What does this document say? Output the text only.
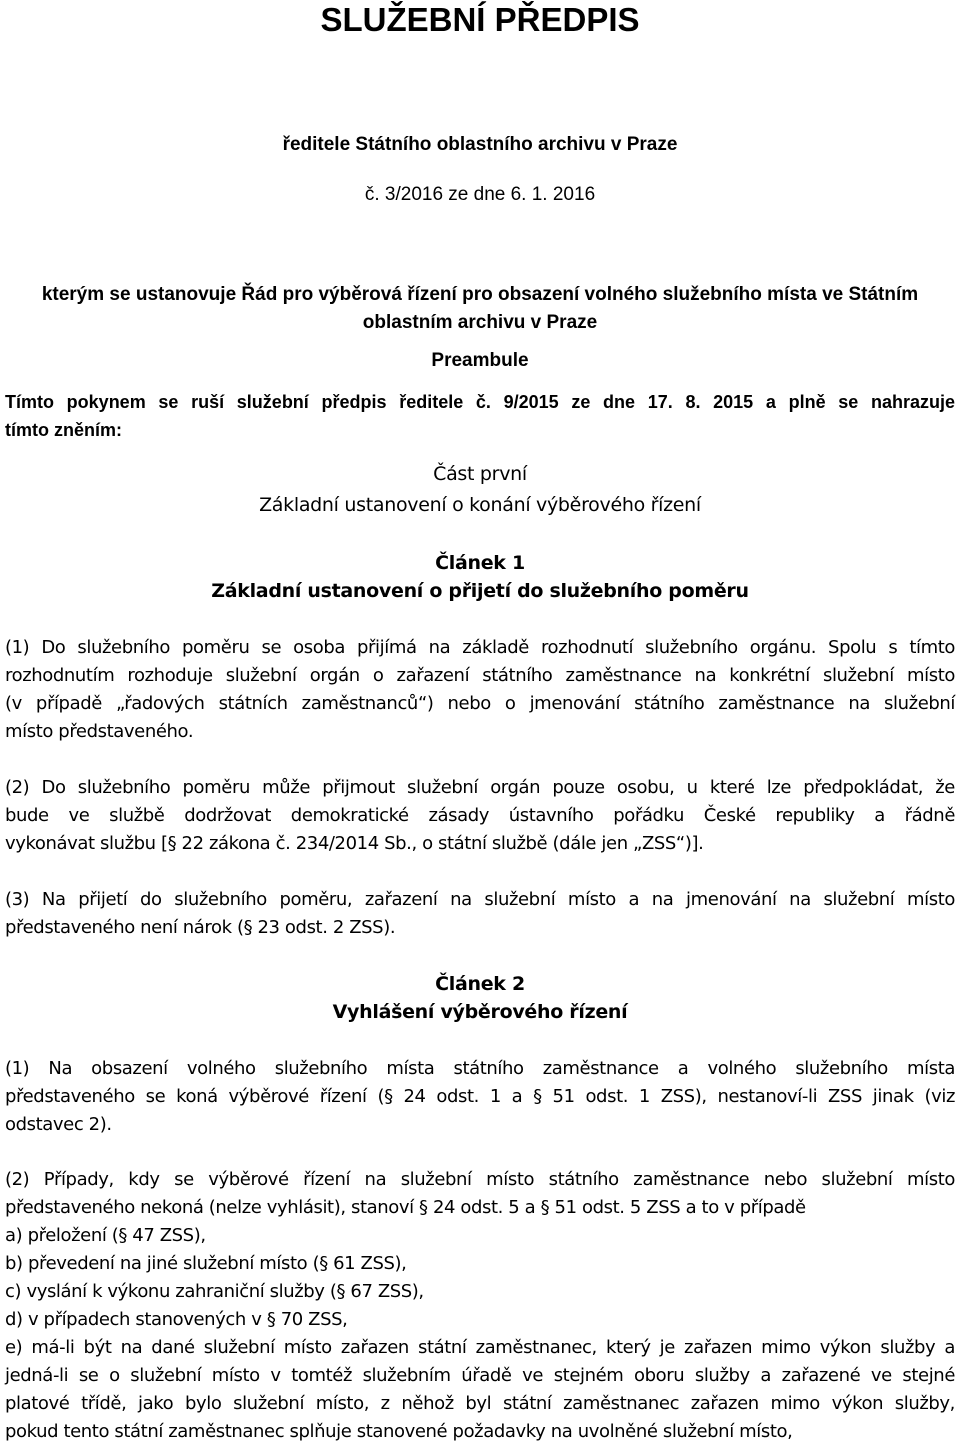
SLUŽEBNÍ PŘEDPIS

ředitele Státního oblastního archivu v Praze

č. 3/2016 ze dne 6. 1. 2016

kterým se ustanovuje Řád pro výběrová řízení pro obsazení volného služebního místa ve Státním

oblastním archivu v Praze

Preambule

Tímto pokynem se ruší služební předpis ředitele č. 9/2015 ze dne 17. 8. 2015 a plně se nahrazuje
tímto zněním:

Část první

Základní ustanovení o konání výběrového řízení

Článek 1

Základní ustanovení o přijetí do služebního poměru

(1) Do služebního poměru se osoba přijímá na základě rozhodnutí služebního orgánu. Spolu s tímto
rozhodnutím rozhoduje služební orgán o zařazení státního zaměstnance na konkrétní služební místo
(v případě „řadových státních zaměstnanců“) nebo o jmenování státního zaměstnance na služební
místo představeného.
(2) Do služebního poměru může přijmout služební orgán pouze osobu, u které lze předpokládat, že
bude ve službě dodržovat demokratické zásady ústavního pořádku České republiky a řádně
vykonávat službu [§ 22 zákona č. 234/2014 Sb., o státní službě (dále jen „ZSS“)].
(3) Na přijetí do služebního poměru, zařazení na služební místo a na jmenování na služební místo
představeného není nárok (§ 23 odst. 2 ZSS).

Článek 2

Vyhlášení výběrového řízení

(1) Na obsazení volného služebního místa státního zaměstnance a volného služebního místa
představeného se koná výběrové řízení (§ 24 odst. 1 a § 51 odst. 1 ZSS), nestanoví-li ZSS jinak (viz
odstavec 2).
(2) Případy, kdy se výběrové řízení na služební místo státního zaměstnance nebo služební místo
představeného nekoná (nelze vyhlásit), stanoví § 24 odst. 5 a § 51 odst. 5 ZSS a to v případě
a) přeložení (§ 47 ZSS),
b) převedení na jiné služební místo (§ 61 ZSS),
c) vyslání k výkonu zahraniční služby (§ 67 ZSS),
d) v případech stanovených v § 70 ZSS,
e) má-li být na dané služební místo zařazen státní zaměstnanec, který je zařazen mimo výkon služby a
jedná-li se o služební místo v tomtéž služebním úřadě ve stejném oboru služby a zařazené ve stejné
platové třídě, jako bylo služební místo, z něhož byl státní zaměstnanec zařazen mimo výkon služby,
pokud tento státní zaměstnanec splňuje stanovené požadavky na uvolněné služební místo,
